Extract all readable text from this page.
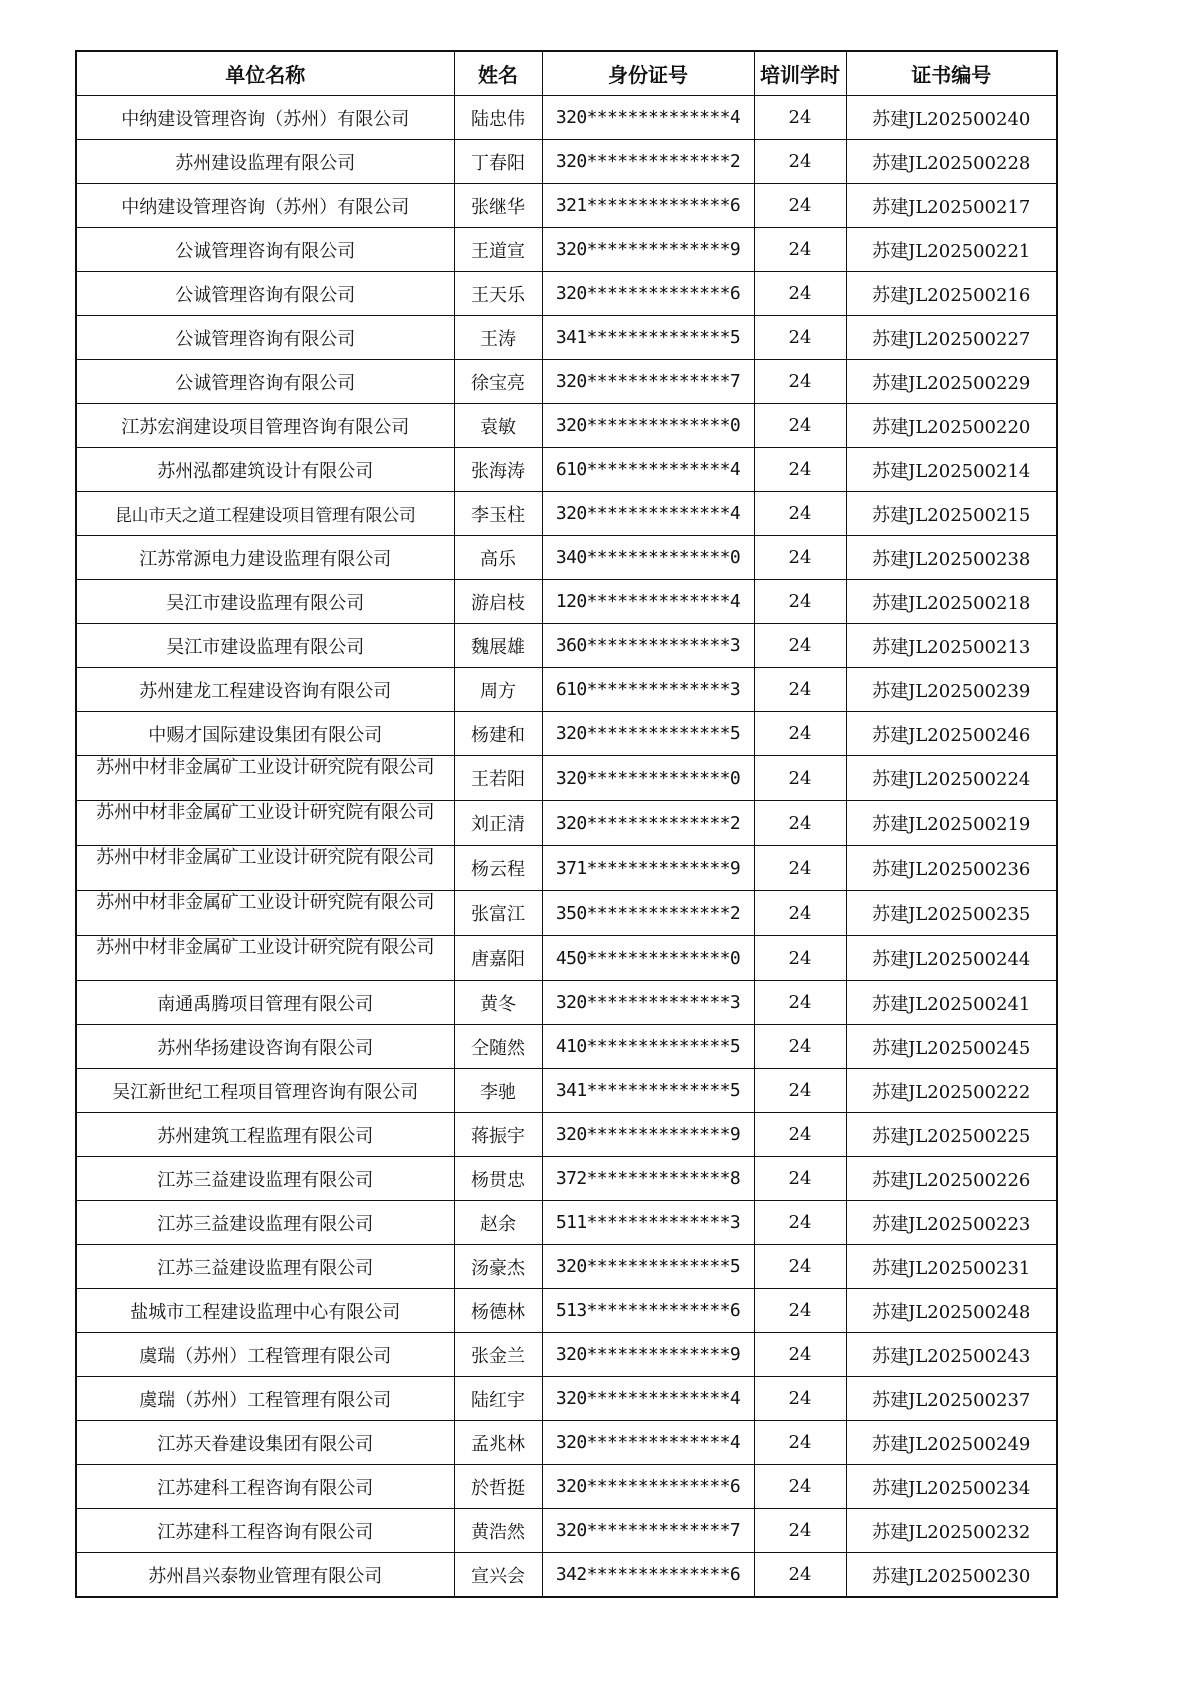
单位名称	姓名	身份证号	培训学时	证书编号
中纳建设管理咨询（苏州）有限公司	陆忠伟	320**************4	24	苏建JL202500240
苏州建设监理有限公司	丁春阳	320**************2	24	苏建JL202500228
中纳建设管理咨询（苏州）有限公司	张继华	321**************6	24	苏建JL202500217
公诚管理咨询有限公司	王道宣	320**************9	24	苏建JL202500221
公诚管理咨询有限公司	王天乐	320**************6	24	苏建JL202500216
公诚管理咨询有限公司	王涛	341**************5	24	苏建JL202500227
公诚管理咨询有限公司	徐宝亮	320**************7	24	苏建JL202500229
江苏宏润建设项目管理咨询有限公司	袁敏	320**************0	24	苏建JL202500220
苏州泓都建筑设计有限公司	张海涛	610**************4	24	苏建JL202500214
昆山市天之道工程建设项目管理有限公司	李玉柱	320**************4	24	苏建JL202500215
江苏常源电力建设监理有限公司	高乐	340**************0	24	苏建JL202500238
吴江市建设监理有限公司	游启枝	120**************4	24	苏建JL202500218
吴江市建设监理有限公司	魏展雄	360**************3	24	苏建JL202500213
苏州建龙工程建设咨询有限公司	周方	610**************3	24	苏建JL202500239
中赐才国际建设集团有限公司	杨建和	320**************5	24	苏建JL202500246
苏州中材非金属矿工业设计研究院有限公司	王若阳	320**************0	24	苏建JL202500224
苏州中材非金属矿工业设计研究院有限公司	刘正清	320**************2	24	苏建JL202500219
苏州中材非金属矿工业设计研究院有限公司	杨云程	371**************9	24	苏建JL202500236
苏州中材非金属矿工业设计研究院有限公司	张富江	350**************2	24	苏建JL202500235
苏州中材非金属矿工业设计研究院有限公司	唐嘉阳	450**************0	24	苏建JL202500244
南通禹腾项目管理有限公司	黄冬	320**************3	24	苏建JL202500241
苏州华扬建设咨询有限公司	仝随然	410**************5	24	苏建JL202500245
吴江新世纪工程项目管理咨询有限公司	李驰	341**************5	24	苏建JL202500222
苏州建筑工程监理有限公司	蒋振宇	320**************9	24	苏建JL202500225
江苏三益建设监理有限公司	杨贯忠	372**************8	24	苏建JL202500226
江苏三益建设监理有限公司	赵余	511**************3	24	苏建JL202500223
江苏三益建设监理有限公司	汤豪杰	320**************5	24	苏建JL202500231
盐城市工程建设监理中心有限公司	杨德林	513**************6	24	苏建JL202500248
虞瑞（苏州）工程管理有限公司	张金兰	320**************9	24	苏建JL202500243
虞瑞（苏州）工程管理有限公司	陆红宇	320**************4	24	苏建JL202500237
江苏天眷建设集团有限公司	孟兆林	320**************4	24	苏建JL202500249
江苏建科工程咨询有限公司	於哲挺	320**************6	24	苏建JL202500234
江苏建科工程咨询有限公司	黄浩然	320**************7	24	苏建JL202500232
苏州昌兴泰物业管理有限公司	宣兴会	342**************6	24	苏建JL202500230
